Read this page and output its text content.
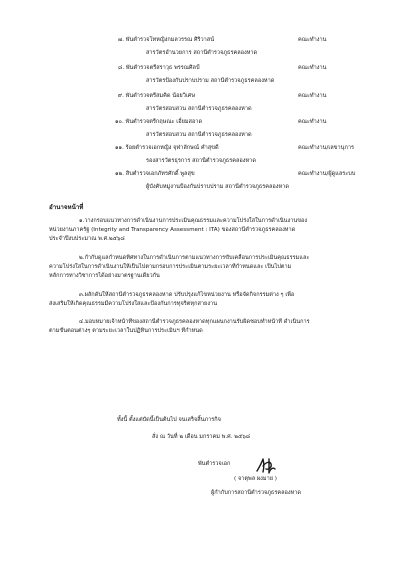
๗. พันตำรวจโทหญิงกมลวรรณ ศิริวาสน์	คณะทำงาน
สารวัตรอำนวยการ สถานีตำรวจภูธรคลองหาด
๘. พันตำรวจตรีสราวุธ พรรณศิลป์	คณะทำงาน
สารวัตรป้องกันปราบปราม สถานีตำรวจภูธรคลองหาด
๙. พันตำรวจตรีสมคิด น้อยวิเศษ	คณะทำงาน
สารวัตรสอบสวน สถานีตำรวจภูธรคลองหาด
๑๐. พันตำรวจตรีกฤษณะ เอี่ยมสอาด	คณะทำงาน
สารวัตรสอบสวน สถานีตำรวจภูธรคลองหาด
๑๑. ร้อยตำรวจเอกหญิง จุฬาลักษณ์ คำสุขดี	คณะทำงาน/เลขานุการ
รองสารวัตรธุรการ สถานีตำรวจภูธรคลองหาด
๑๒. สิบตำรวจเอกภัทรศักดิ์ พูลสุข	คณะทำงาน/ผู้ดูแลระบบ
ผู้บังคับหมู่งานป้องกันปราบปราม สถานีตำรวจภูธรคลองหาด
อำนาจหน้าที่
๑.วางกรอบแนวทางการดำเนินงานการประเมินคุณธรรมและความโปร่งใสในการดำเนินงานของ
หน่วยงานภาครัฐ (Integrity and Transparency Assessment : ITA) ของสถานีตำรวจภูธรคลองหาด
ประจำปีงบประมาณ พ.ศ.๒๕๖๘
๒.กำกับดูแลกำหนดทิศทางในการดำเนินการตามแนวทางการขับเคลื่อนการประเมินคุณธรรมและ
ความโปร่งใสในการดำเนินงานให้เป็นไปตามกรอบการประเมินตามระยะเวลาที่กำหนดและ เป็นไปตาม
หลักการทางวิชาการได้อย่างมาตรฐานเดียวกัน
๓.ผลักดันให้สถานีตำรวจภูธรคลองหาด ปรับปรุงแก้ไขหน่วยงาน หรือจัดกิจกรรมต่าง ๆ เพื่อ
ส่งเสริมให้เกิดคุณธรรมมีความโปร่งใสและป้องกันการทุจริตทุกสายงาน
๔.มอบหมายเจ้าหน้าที่ของสถานีตำรวจภูธรคลองหาดทุกแผนกงานรับผิดชอบทำหน้าที่ ดำเนินการ
ตามขั้นตอนต่างๆ ตามระยะเวลาในปฏิทินการประเมินฯ ที่กำหนด
ทั้งนี้ ตั้งแต่บัดนี้เป็นต้นไป จนเสร็จสิ้นภารกิจ
สั่ง ณ วันที่ ๒ เดือน มกราคม พ.ศ. ๒๕๖๘
พันตำรวจเอก
( จาตุพล ผงมาย )
ผู้กำกับการสถานีตำรวจภูธรคลองหาด
